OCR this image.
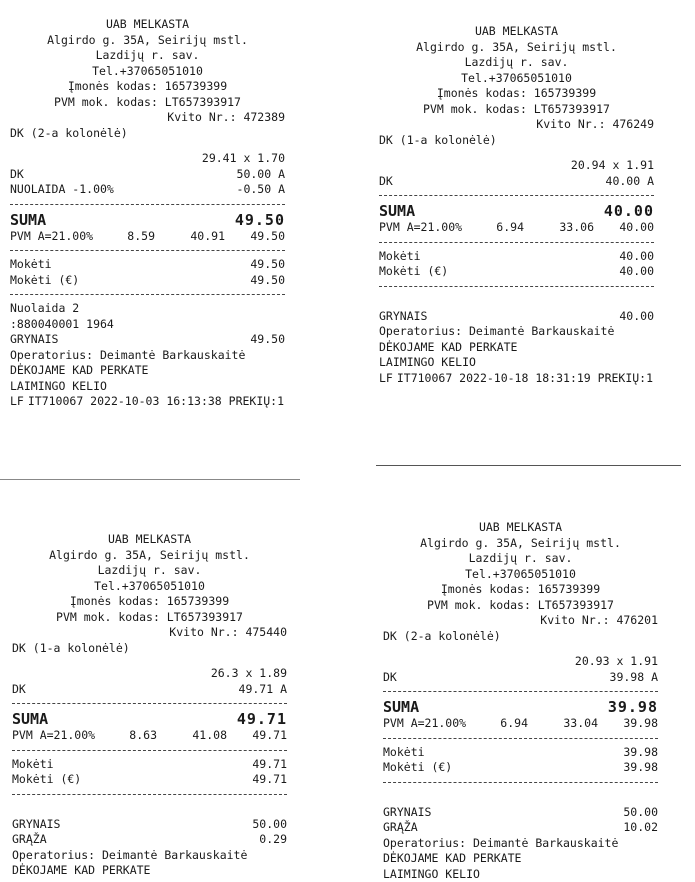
UAB MELKASTA
Algirdo g. 35A, Seirijų mstl.
Lazdijų r. sav.
Tel.+37065051010
Įmonės kodas: 165739399
PVM mok. kodas: LT657393917
Kvito Nr.: 472389
DK (2-a kolonėlė)
29.41 x 1.70
DK	50.00 A
NUOLAIDA -1.00%	-0.50 A
SUMA	49.50
PVM A=21.00%	8.59	40.91	49.50
Mokėti	49.50
Mokėti (€)	49.50
Nuolaida 2
:880040001 1964
GRYNAIS	49.50
Operatorius: Deimantė Barkauskaitė
DĖKOJAME KAD PERKATE
LAIMINGO KELIO
LF IT710067 2022-10-03 16:13:38 PREKIŲ:1
UAB MELKASTA
Algirdo g. 35A, Seirijų mstl.
Lazdijų r. sav.
Tel.+37065051010
Įmonės kodas: 165739399
PVM mok. kodas: LT657393917
Kvito Nr.: 476249
DK (1-a kolonėlė)
20.94 x 1.91
DK	40.00 A
SUMA	40.00
PVM A=21.00%	6.94	33.06	40.00
Mokėti	40.00
Mokėti (€)	40.00
GRYNAIS	40.00
Operatorius: Deimantė Barkauskaitė
DĖKOJAME KAD PERKATE
LAIMINGO KELIO
LF IT710067 2022-10-18 18:31:19 PREKIŲ:1
UAB MELKASTA
Algirdo g. 35A, Seirijų mstl.
Lazdijų r. sav.
Tel.+37065051010
Įmonės kodas: 165739399
PVM mok. kodas: LT657393917
Kvito Nr.: 475440
DK (1-a kolonėlė)
26.3 x 1.89
DK	49.71 A
SUMA	49.71
PVM A=21.00%	8.63	41.08	49.71
Mokėti	49.71
Mokėti (€)	49.71
GRYNAIS	50.00
GRĄŽA	0.29
Operatorius: Deimantė Barkauskaitė
DĖKOJAME KAD PERKATE
UAB MELKASTA
Algirdo g. 35A, Seirijų mstl.
Lazdijų r. sav.
Tel.+37065051010
Įmonės kodas: 165739399
PVM mok. kodas: LT657393917
Kvito Nr.: 476201
DK (2-a kolonėlė)
20.93 x 1.91
DK	39.98 A
SUMA	39.98
PVM A=21.00%	6.94	33.04	39.98
Mokėti	39.98
Mokėti (€)	39.98
GRYNAIS	50.00
GRĄŽA	10.02
Operatorius: Deimantė Barkauskaitė
DĖKOJAME KAD PERKATE
LAIMINGO KELIO
